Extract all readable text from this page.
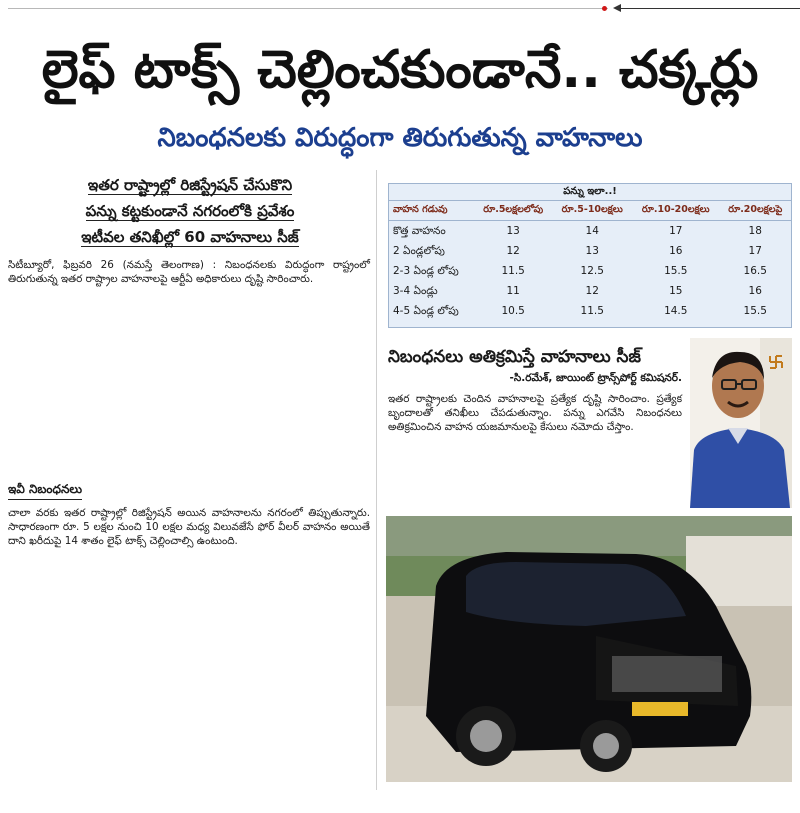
లైఫ్ టాక్స్ చెల్లించకుండానే.. చక్కర్లు
నిబంధనలకు విరుద్ధంగా తిరుగుతున్న వాహనాలు

ఇతర రాష్ట్రాల్లో రిజిస్ట్రేషన్ చేసుకొని

పన్ను కట్టకుండానే నగరంలోకి ప్రవేశం

ఇటీవల తనిఖీల్లో 60 వాహనాలు సీజ్

సిటీబ్యూరో, ఫిబ్రవరి 26 (నమస్తే తెలంగాణ) : నిబంధనలకు విరుద్ధంగా రాష్ట్రంలో తిరుగుతున్న ఇతర రాష్ట్రాల వాహనాలపై ఆర్టీఏ అధికారులు దృష్టి సారించారు.

ఇవీ నిబంధనలు

చాలా వరకు ఇతర రాష్ట్రాల్లో రిజిస్ట్రేషన్ అయిన వాహనాలను నగరంలో తిప్పుతున్నారు. సాధారణంగా రూ. 5 లక్షల నుంచి 10 లక్షల మధ్య విలువజేసే ఫోర్ వీలర్ వాహనం అయితే దాని ఖరీదుపై 14 శాతం లైఫ్ టాక్స్ చెల్లించాల్సి ఉంటుంది.

పన్ను ఇలా..!
వాహన గడువు	రూ.5లక్షలలోపు	రూ.5-10లక్షలు	రూ.10-20లక్షలు	రూ.20లక్షలపై
కొత్త వాహనం	13	14	17	18
2 ఏండ్లలోపు	12	13	16	17
2-3 ఏండ్ల లోపు	11.5	12.5	15.5	16.5
3-4 ఏండ్లు	11	12	15	16
4-5 ఏండ్ల లోపు	10.5	11.5	14.5	15.5
నిబంధనలు అతిక్రమిస్తే వాహనాలు సీజ్
-సి.రమేశ్, జాయింట్ ట్రాన్స్‌పోర్ట్ కమిషనర్.

ఇతర రాష్ట్రాలకు చెందిన వాహనాలపై ప్రత్యేక దృష్టి సారించాం. ప్రత్యేక బృందాలతో తనిఖీలు చేపడుతున్నాం. పన్ను ఎగవేసి నిబంధనలు అతిక్రమించిన వాహన యజమానులపై కేసులు నమోదు చేస్తాం.
